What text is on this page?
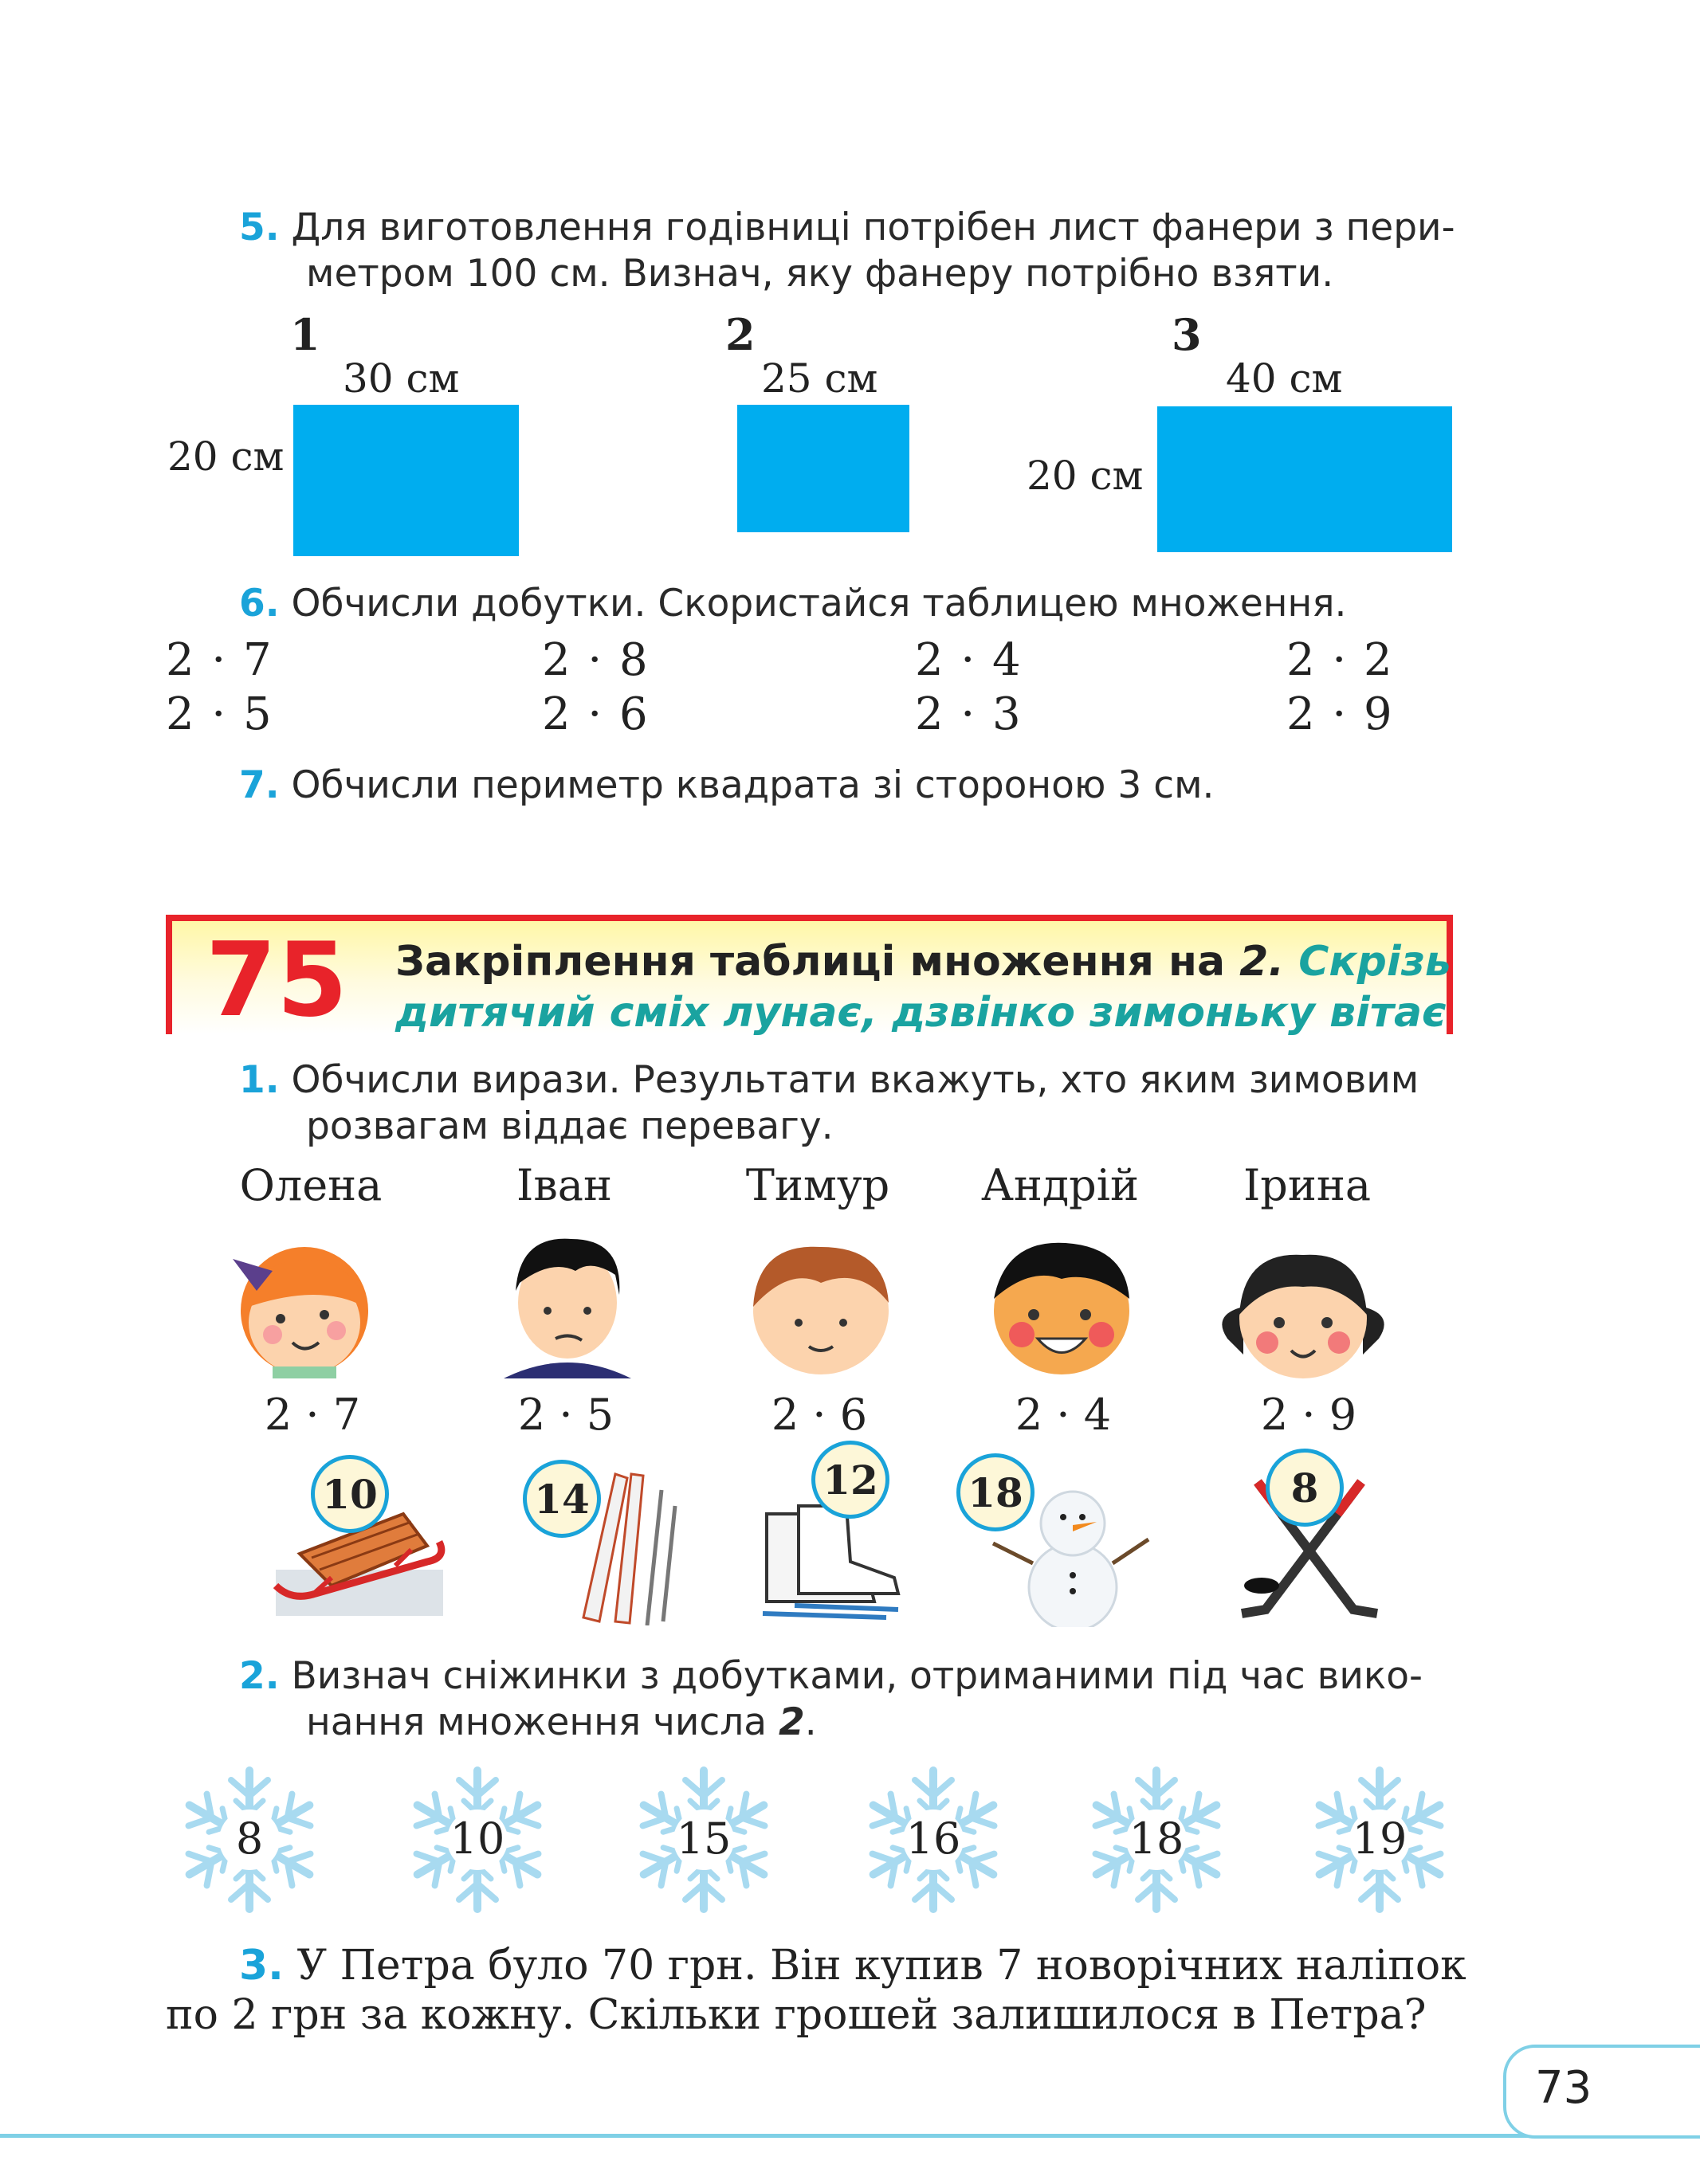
5. Для виготовлення годівниці потрібен лист фанери з пери-
метром 100 см. Визнач, яку фанеру потрібно взяти.
1
30 см
20 см
2
25 см
3
40 см
20 см
6. Обчисли добутки. Скористайся таблицею множення.
2 · 7	2 · 8	2 · 4	2 · 2
2 · 5	2 · 6	2 · 3	2 · 9
7. Обчисли периметр квадрата зі стороною 3 см.
75 Закріплення таблиці множення на 2. Скрізь
дитячий сміх лунає, дзвінко зимоньку вітає
1. Обчисли вирази. Результати вкажуть, хто яким зимовим
розвагам віддає перевагу.
Олена	Іван	Тимур	Андрій	Ірина
2 · 7	2 · 5	2 · 6	2 · 4	2 · 9
10	14	12 18	8
2. Визнач сніжинки з добутками, отриманими під час вико-
нання множення числа 2.
8	10	15	16	18	19
3. У Петра було 70 грн. Він купив 7 новорічних наліпок
по 2 грн за кожну. Скільки грошей залишилося в Петра?
73
